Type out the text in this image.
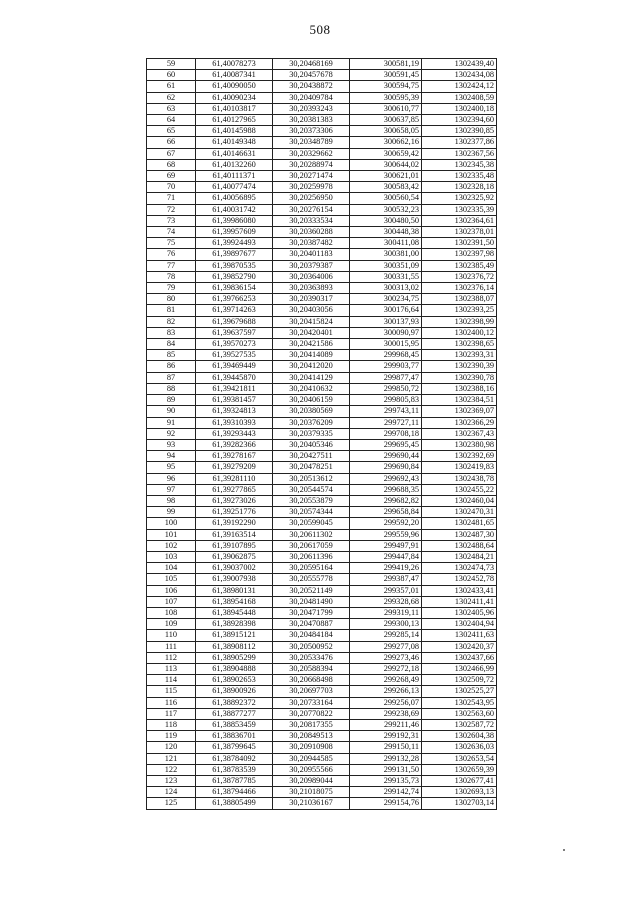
508
59	61,40078273	30,20468169	300581,19	1302439,40
60	61,40087341	30,20457678	300591,45	1302434,08
61	61,40090050	30,20438872	300594,75	1302424,12
62	61,40090234	30,20409784	300595,39	1302408,59
63	61,40103817	30,20393243	300610,77	1302400,18
64	61,40127965	30,20381383	300637,85	1302394,60
65	61,40145988	30,20373306	300658,05	1302390,85
66	61,40149348	30,20348789	300662,16	1302377,86
67	61,40146631	30,20329662	300659,42	1302367,56
68	61,40132260	30,20288974	300644,02	1302345,38
69	61,40111371	30,20271474	300621,01	1302335,48
70	61,40077474	30,20259978	300583,42	1302328,18
71	61,40056895	30,20256950	300560,54	1302325,92
72	61,40031742	30,20276154	300532,23	1302335,39
73	61,39986080	30,20333534	300480,50	1302364,61
74	61,39957609	30,20360288	300448,38	1302378,01
75	61,39924493	30,20387482	300411,08	1302391,50
76	61,39897677	30,20401183	300381,00	1302397,98
77	61,39870535	30,20379387	300351,09	1302385,49
78	61,39852790	30,20364006	300331,55	1302376,72
79	61,39836154	30,20363893	300313,02	1302376,14
80	61,39766253	30,20390317	300234,75	1302388,07
81	61,39714263	30,20403056	300176,64	1302393,25
82	61,39679688	30,20415824	300137,93	1302398,99
83	61,39637597	30,20420401	300090,97	1302400,12
84	61,39570273	30,20421586	300015,95	1302398,65
85	61,39527535	30,20414089	299968,45	1302393,31
86	61,39469449	30,20412020	299903,77	1302390,39
87	61,39445870	30,20414129	299877,47	1302390,78
88	61,39421811	30,20410632	299850,72	1302388,16
89	61,39381457	30,20406159	299805,83	1302384,51
90	61,39324813	30,20380569	299743,11	1302369,07
91	61,39310393	30,20376209	299727,11	1302366,29
92	61,39293443	30,20379335	299708,18	1302367,43
93	61,39282366	30,20405346	299695,45	1302380,98
94	61,39278167	30,20427511	299690,44	1302392,69
95	61,39279209	30,20478251	299690,84	1302419,83
96	61,39281110	30,20513612	299692,43	1302438,78
97	61,39277865	30,20544574	299688,35	1302455,22
98	61,39273026	30,20553879	299682,82	1302460,04
99	61,39251776	30,20574344	299658,84	1302470,31
100	61,39192290	30,20599045	299592,20	1302481,65
101	61,39163514	30,20611302	299559,96	1302487,30
102	61,39107895	30,20617059	299497,91	1302488,64
103	61,39062875	30,20611396	299447,84	1302484,21
104	61,39037002	30,20595164	299419,26	1302474,73
105	61,39007938	30,20555778	299387,47	1302452,78
106	61,38980131	30,20521149	299357,01	1302433,41
107	61,38954168	30,20481490	299328,68	1302411,41
108	61,38945448	30,20471799	299319,11	1302405,96
109	61,38928398	30,20470887	299300,13	1302404,94
110	61,38915121	30,20484184	299285,14	1302411,63
111	61,38908112	30,20500952	299277,08	1302420,37
112	61,38905299	30,20533476	299273,46	1302437,66
113	61,38904888	30,20588394	299272,18	1302466,99
114	61,38902653	30,20668498	299268,49	1302509,72
115	61,38900926	30,20697703	299266,13	1302525,27
116	61,38892372	30,20733164	299256,07	1302543,95
117	61,38877277	30,20770822	299238,69	1302563,60
118	61,38853459	30,20817355	299211,46	1302587,72
119	61,38836701	30,20849513	299192,31	1302604,38
120	61,38799645	30,20910908	299150,11	1302636,03
121	61,38784092	30,20944585	299132,28	1302653,54
122	61,38783539	30,20955566	299131,50	1302659,39
123	61,38787785	30,20989044	299135,73	1302677,41
124	61,38794466	30,21018075	299142,74	1302693,13
125	61,38805499	30,21036167	299154,76	1302703,14
